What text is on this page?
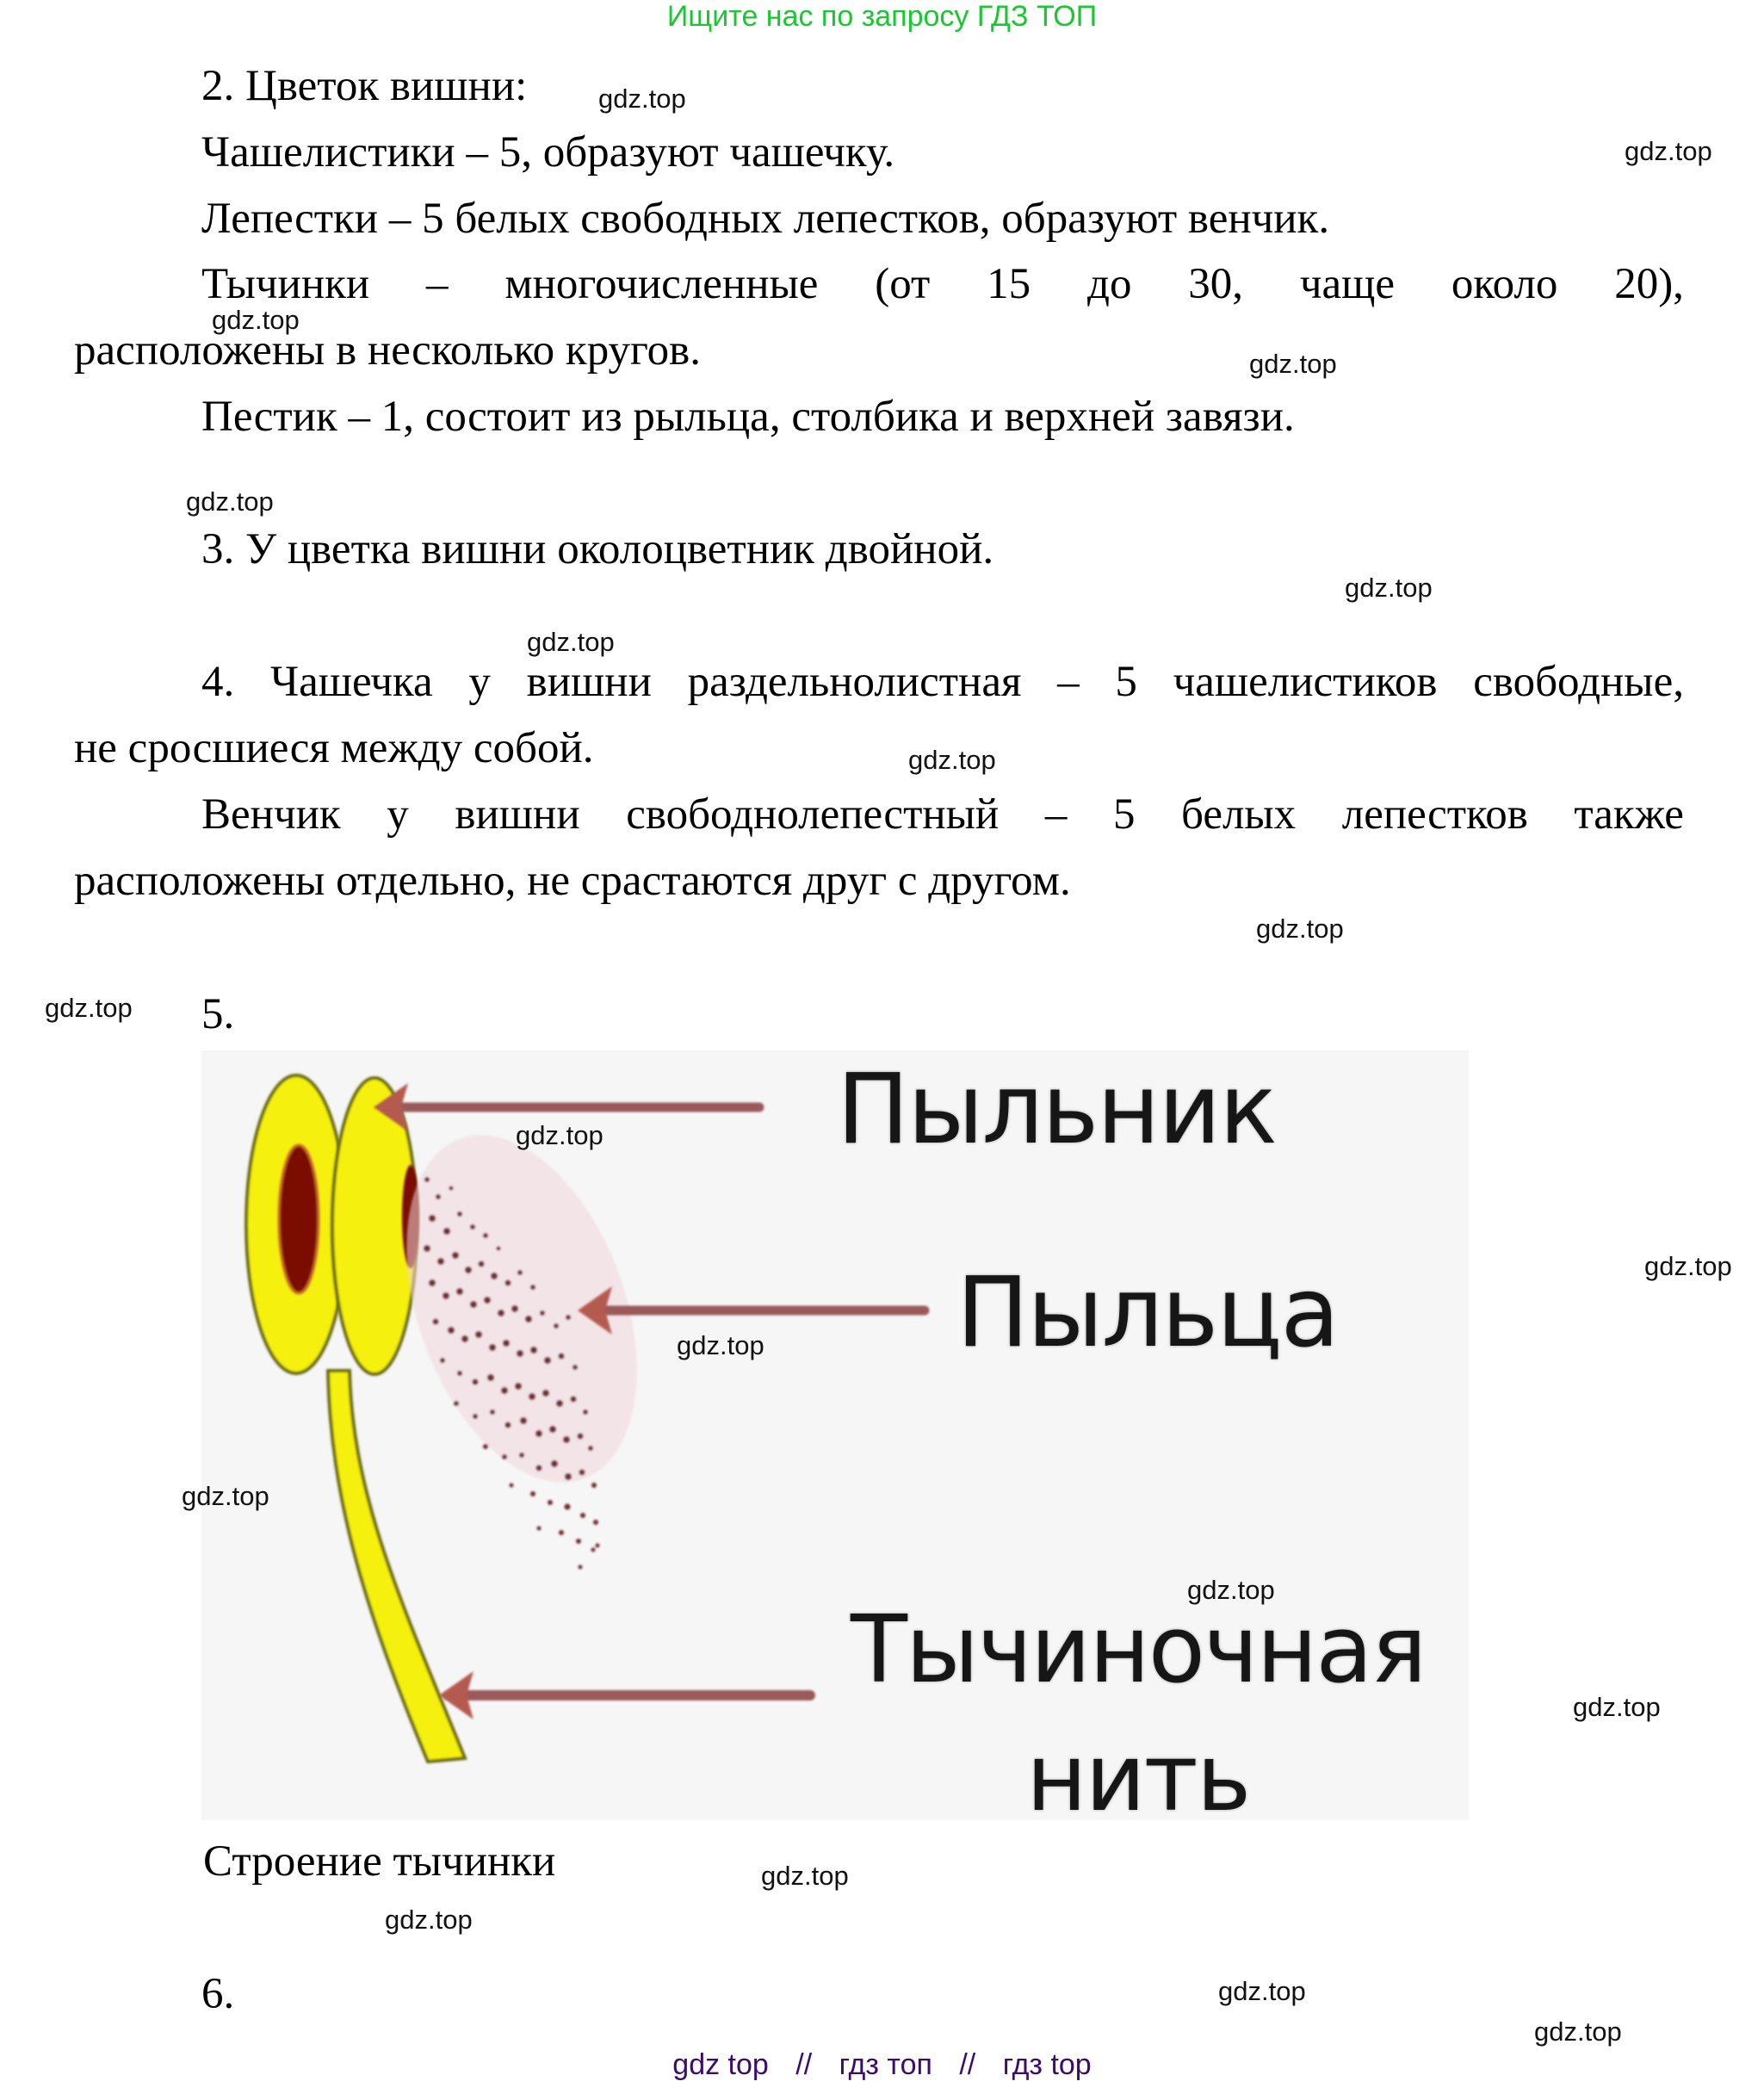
Ищите нас по запросу ГДЗ ТОП
2. Цветок вишни:
Чашелистики – 5, образуют чашечку.
Лепестки – 5 белых свободных лепестков, образуют венчик.
Тычинки – многочисленные (от 15 до 30, чаще около 20),
расположены в несколько кругов.
Пестик – 1, состоит из рыльца, столбика и верхней завязи.
3. У цветка вишни околоцветник двойной.
4. Чашечка у вишни раздельнолистная – 5 чашелистиков свободные,
не сросшиеся между собой.
Венчик у вишни свободнолепестный – 5 белых лепестков также
расположены отдельно, не срастаются друг с другом.
5.
Пыльник
Пыльца
Тычиночная
нить
Строение тычинки
6.
gdz.top
gdz.top
gdz.top
gdz.top
gdz.top
gdz.top
gdz.top
gdz.top
gdz.top
gdz.top
gdz.top
gdz.top
gdz.top
gdz.top
gdz.top
gdz.top
gdz.top
gdz.top
gdz.top
gdz.top
gdz top // гдз топ // гдз top
